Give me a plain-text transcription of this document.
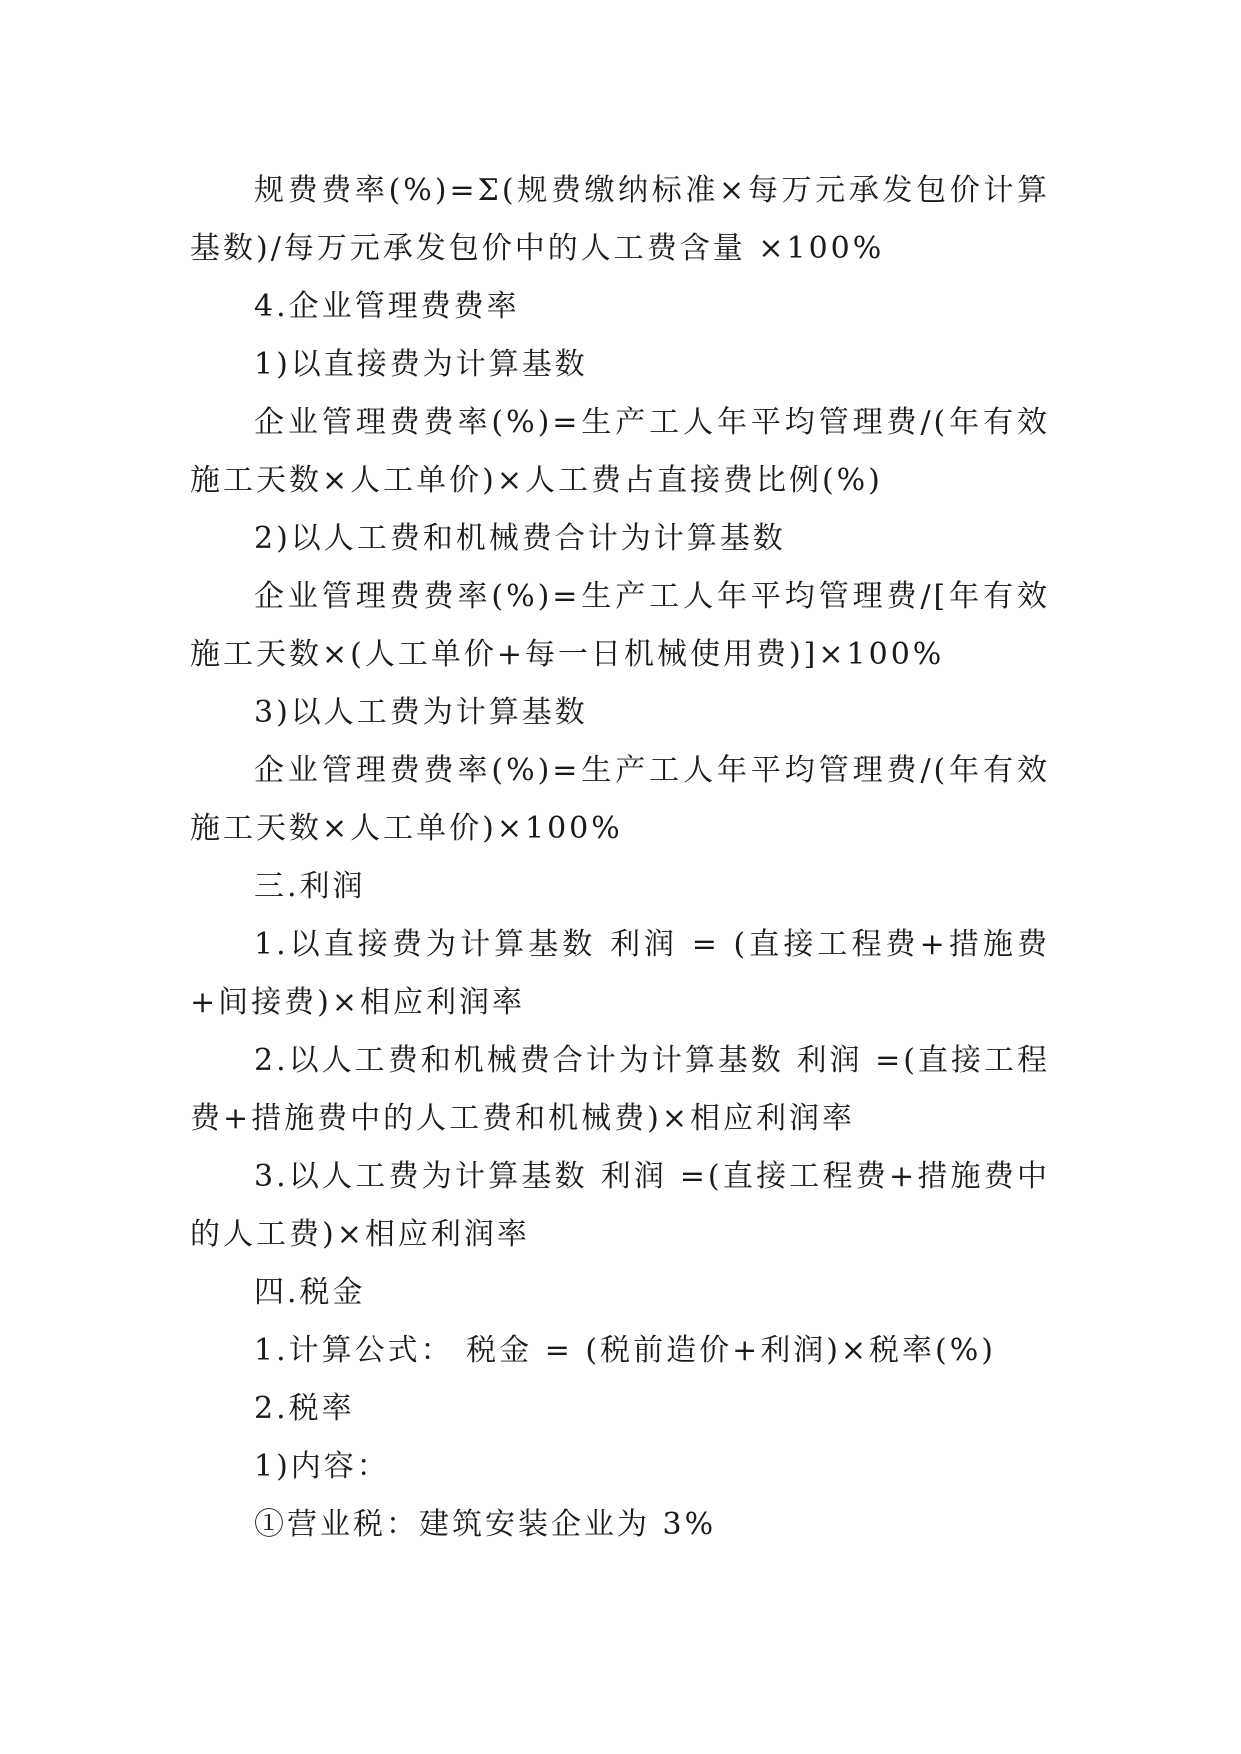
规费费率(%)=Σ(规费缴纳标准×每万元承发包价计算基数)/每万元承发包价中的人工费含量 ×100%

4.企业管理费费率

1)以直接费为计算基数

企业管理费费率(%)=生产工人年平均管理费/(年有效施工天数×人工单价)×人工费占直接费比例(%)

2)以人工费和机械费合计为计算基数

企业管理费费率(%)=生产工人年平均管理费/[年有效施工天数×(人工单价+每一日机械使用费)]×100%

3)以人工费为计算基数

企业管理费费率(%)=生产工人年平均管理费/(年有效施工天数×人工单价)×100%

三.利润

1.以直接费为计算基数 利润 = (直接工程费+措施费+间接费)×相应利润率

2.以人工费和机械费合计为计算基数 利润 =(直接工程费+措施费中的人工费和机械费)×相应利润率

3.以人工费为计算基数 利润 =(直接工程费+措施费中的人工费)×相应利润率

四.税金

1.计算公式： 税金 = (税前造价+利润)×税率(%)

2.税率

1)内容：

①营业税：建筑安装企业为 3%
